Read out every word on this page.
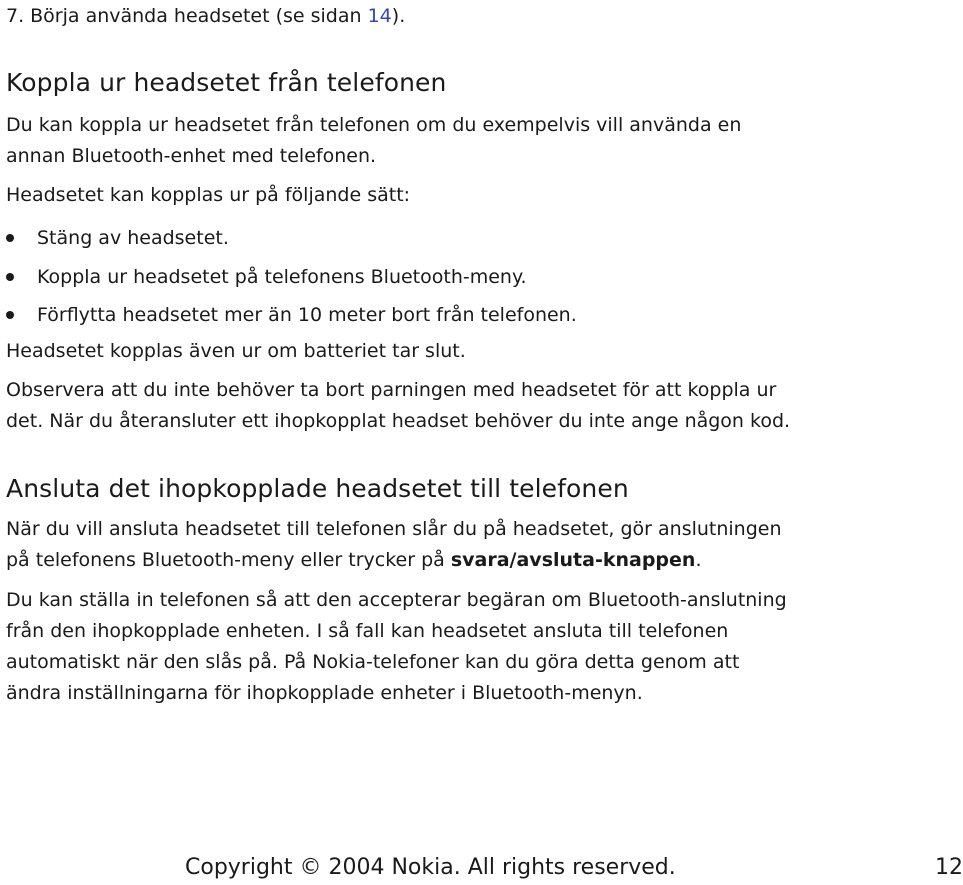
7. Börja använda headsetet (se sidan 14).
Koppla ur headsetet från telefonen

Du kan koppla ur headsetet från telefonen om du exempelvis vill använda en

annan Bluetooth-enhet med telefonen.

Headsetet kan kopplas ur på följande sätt:

Stäng av headsetet.
Koppla ur headsetet på telefonens Bluetooth-meny.
Förflytta headsetet mer än 10 meter bort från telefonen.

Headsetet kopplas även ur om batteriet tar slut.

Observera att du inte behöver ta bort parningen med headsetet för att koppla ur

det. När du återansluter ett ihopkopplat headset behöver du inte ange någon kod.

Ansluta det ihopkopplade headsetet till telefonen

När du vill ansluta headsetet till telefonen slår du på headsetet, gör anslutningen

på telefonens Bluetooth-meny eller trycker på svara/avsluta-knappen.

Du kan ställa in telefonen så att den accepterar begäran om Bluetooth-anslutning

från den ihopkopplade enheten. I så fall kan headsetet ansluta till telefonen

automatiskt när den slås på. På Nokia-telefoner kan du göra detta genom att

ändra inställningarna för ihopkopplade enheter i Bluetooth-menyn.

Copyright © 2004 Nokia. All rights reserved.	12
